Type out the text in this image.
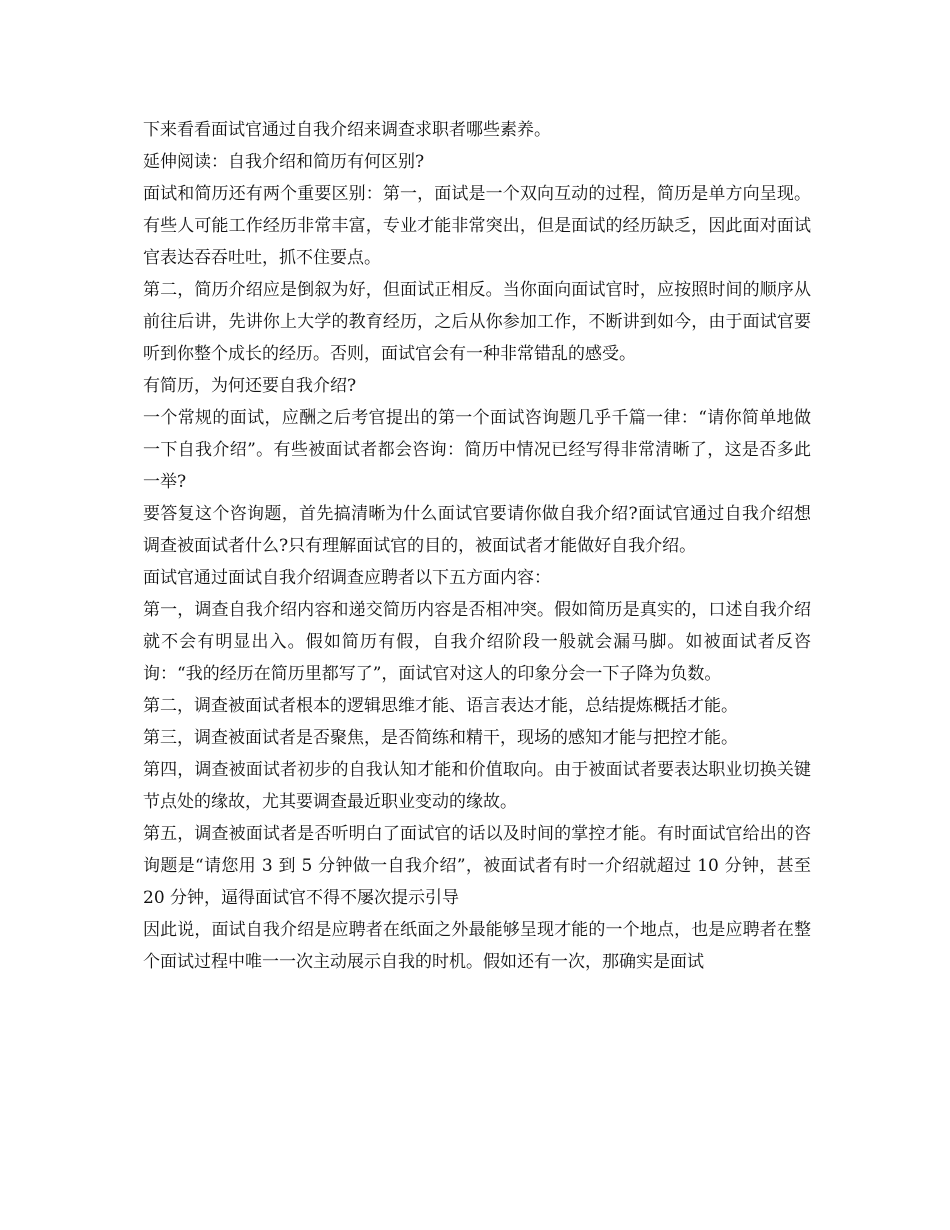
下来看看面试官通过自我介绍来调查求职者哪些素养。

延伸阅读：自我介绍和简历有何区别?

面试和简历还有两个重要区别：第一，面试是一个双向互动的过程，简历是单方向呈现。有些人可能工作经历非常丰富，专业才能非常突出，但是面试的经历缺乏，因此面对面试官表达吞吞吐吐，抓不住要点。

第二，简历介绍应是倒叙为好，但面试正相反。当你面向面试官时，应按照时间的顺序从前往后讲，先讲你上大学的教育经历，之后从你参加工作，不断讲到如今，由于面试官要听到你整个成长的经历。否则，面试官会有一种非常错乱的感受。

有简历，为何还要自我介绍?

一个常规的面试，应酬之后考官提出的第一个面试咨询题几乎千篇一律：“请你简单地做一下自我介绍”。有些被面试者都会咨询：简历中情况已经写得非常清晰了，这是否多此一举?

要答复这个咨询题，首先搞清晰为什么面试官要请你做自我介绍?面试官通过自我介绍想调查被面试者什么?只有理解面试官的目的，被面试者才能做好自我介绍。

面试官通过面试自我介绍调查应聘者以下五方面内容：

第一，调查自我介绍内容和递交简历内容是否相冲突。假如简历是真实的，口述自我介绍就不会有明显出入。假如简历有假，自我介绍阶段一般就会漏马脚。如被面试者反咨询：“我的经历在简历里都写了”，面试官对这人的印象分会一下子降为负数。

第二，调查被面试者根本的逻辑思维才能、语言表达才能，总结提炼概括才能。

第三，调查被面试者是否聚焦，是否简练和精干，现场的感知才能与把控才能。

第四，调查被面试者初步的自我认知才能和价值取向。由于被面试者要表达职业切换关键节点处的缘故，尤其要调查最近职业变动的缘故。

第五，调查被面试者是否听明白了面试官的话以及时间的掌控才能。有时面试官给出的咨询题是“请您用 3 到 5 分钟做一自我介绍”，被面试者有时一介绍就超过 10 分钟，甚至 20 分钟，逼得面试官不得不屡次提示引导

因此说，面试自我介绍是应聘者在纸面之外最能够呈现才能的一个地点，也是应聘者在整个面试过程中唯一一次主动展示自我的时机。假如还有一次，那确实是面试
